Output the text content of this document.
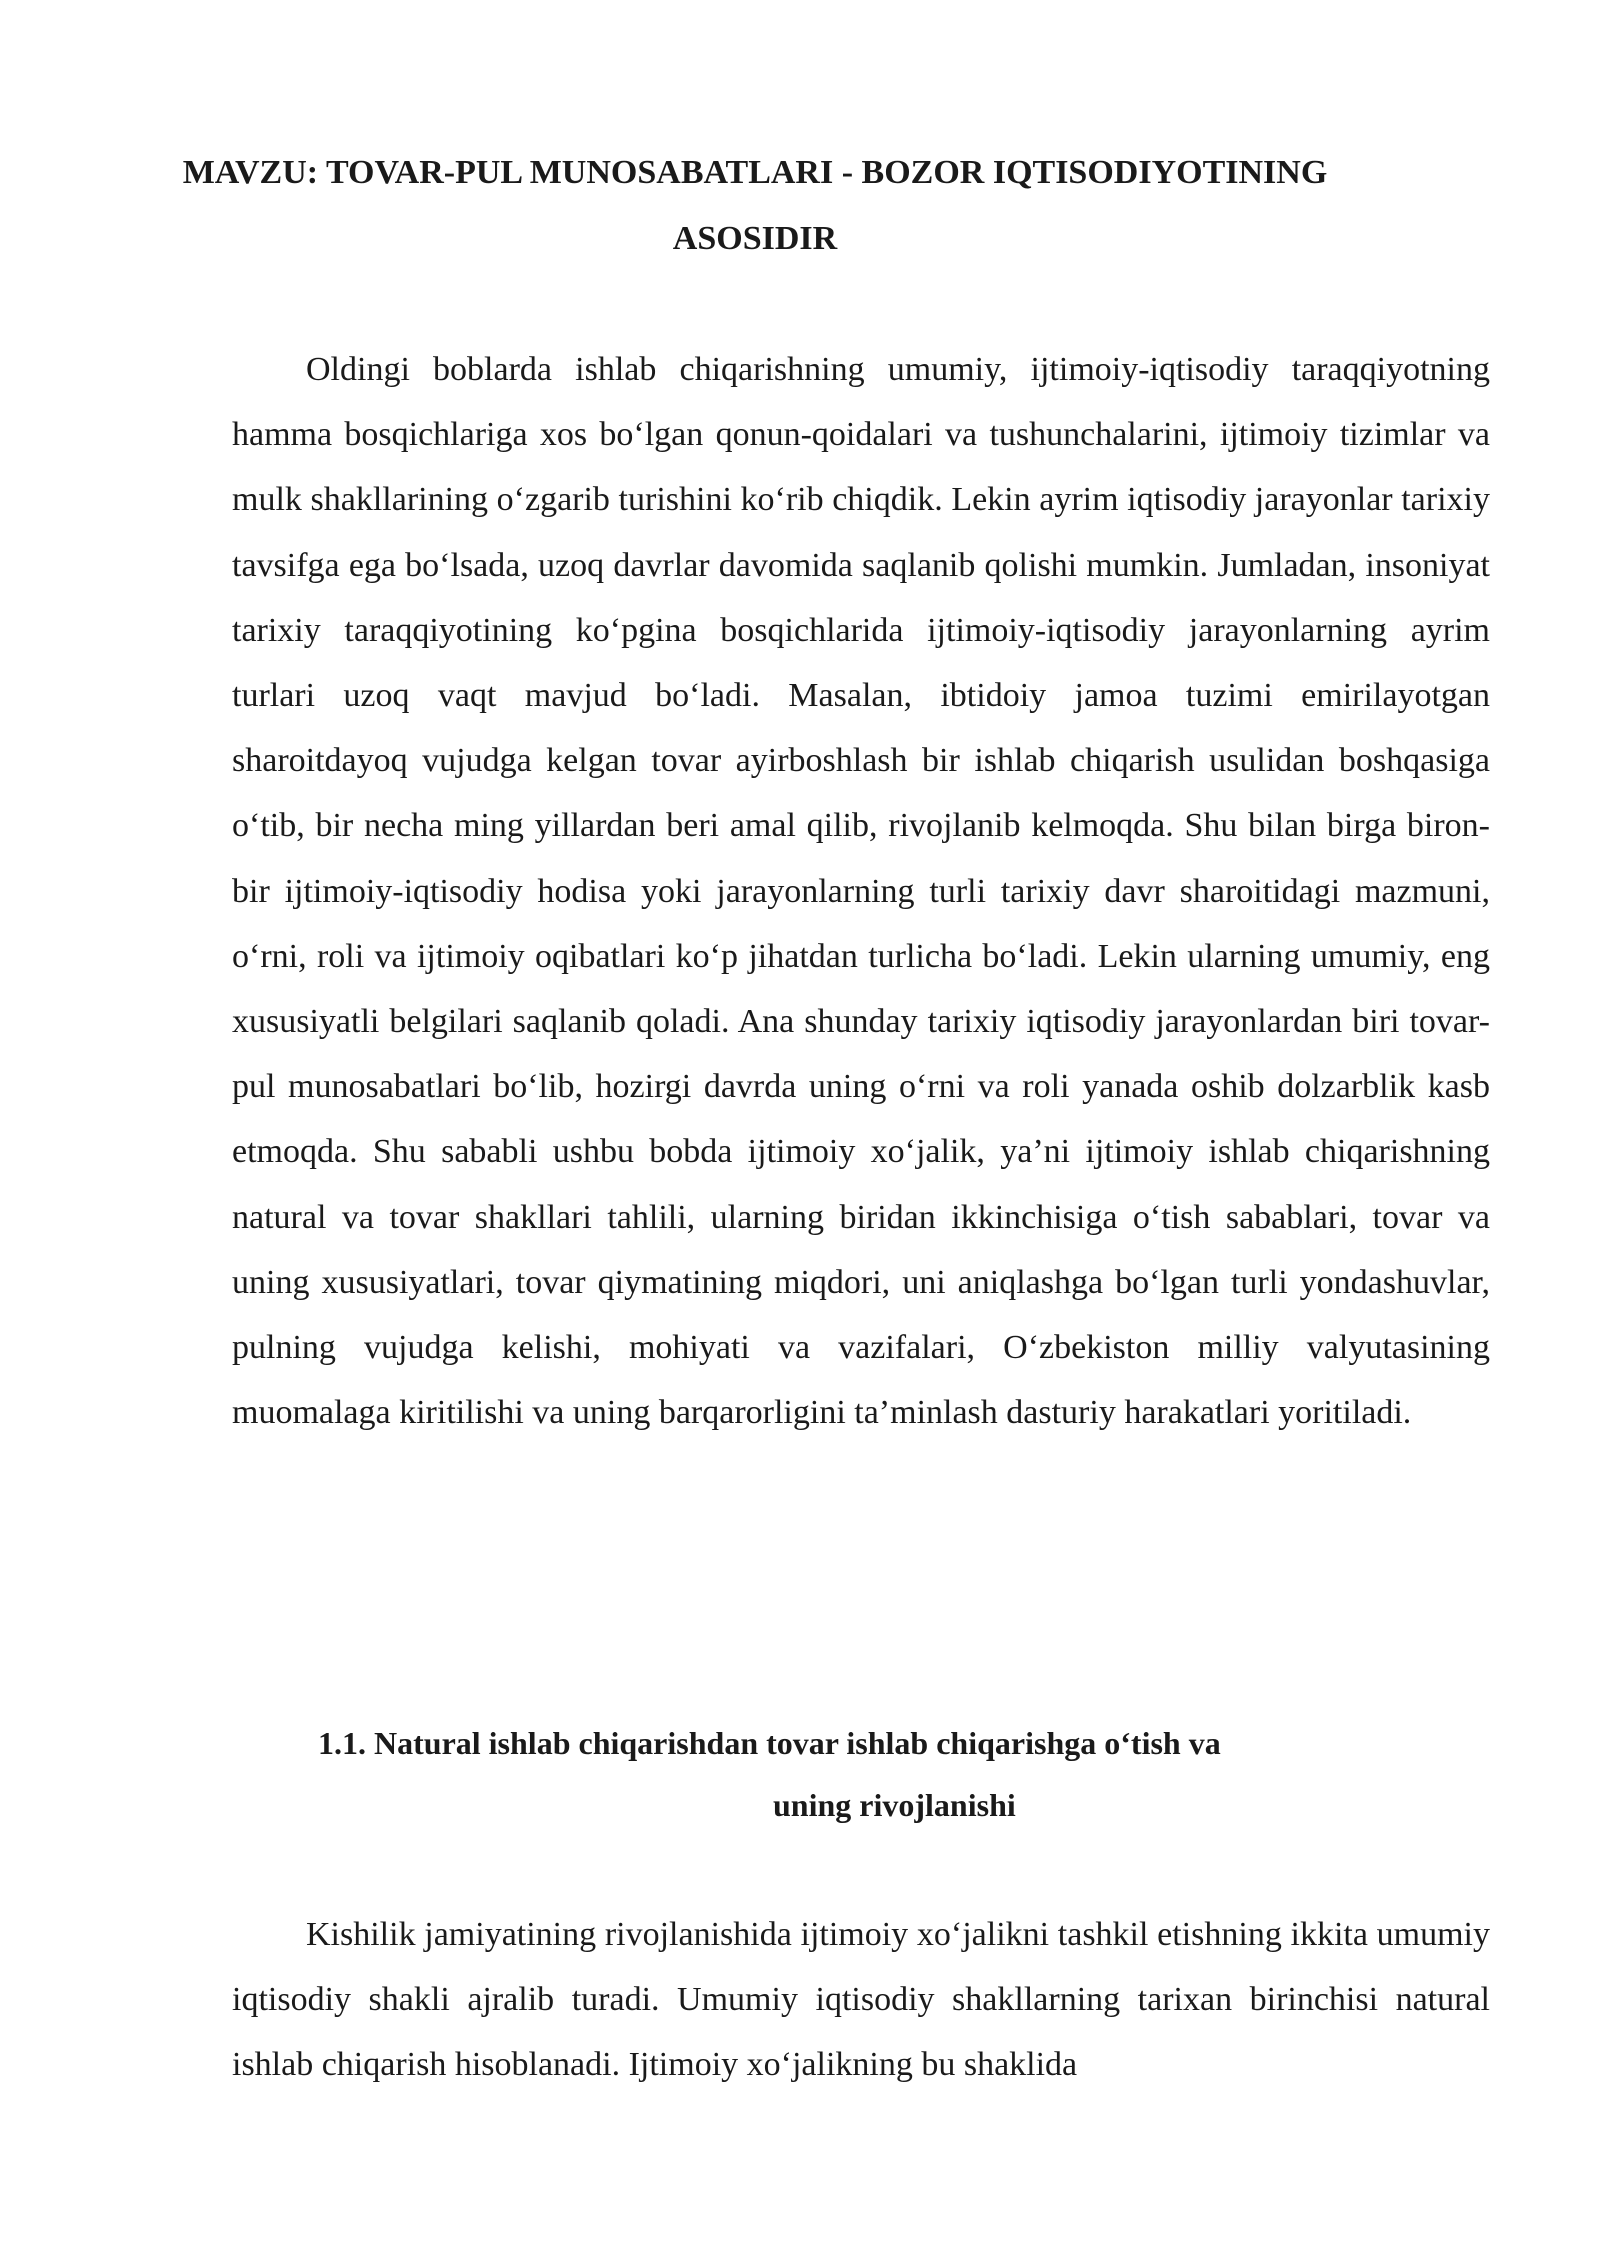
MAVZU: TOVAR-PUL MUNOSABATLARI - BOZOR IQTISODIYOTINING ASOSIDIR

Oldingi boblarda ishlab chiqarishning umumiy, ijtimoiy-iqtisodiy taraqqiyotning hamma bosqichlariga xos bo‘lgan qonun-qoidalari va tushunchalarini, ijtimoiy tizimlar va mulk shakllarining o‘zgarib turishini ko‘rib chiqdik. Lekin ayrim iqtisodiy jarayonlar tarixiy tavsifga ega bo‘lsada, uzoq davrlar davomida saqlanib qolishi mumkin. Jumladan, insoniyat tarixiy taraqqiyotining ko‘pgina bosqichlarida ijtimoiy-iqtisodiy jarayonlarning ayrim turlari uzoq vaqt mavjud bo‘ladi. Masalan, ibtidoiy jamoa tuzimi emirilayotgan sharoitdayoq vujudga kelgan tovar ayirboshlash bir ishlab chiqarish usulidan boshqasiga o‘tib, bir necha ming yillardan beri amal qilib, rivojlanib kelmoqda. Shu bilan birga biron-bir ijtimoiy-iqtisodiy hodisa yoki jarayonlarning turli tarixiy davr sharoitidagi mazmuni, o‘rni, roli va ijtimoiy oqibatlari ko‘p jihatdan turlicha bo‘ladi. Lekin ularning umumiy, eng xususiyatli belgilari saqlanib qoladi. Ana shunday tarixiy iqtisodiy jarayonlardan biri tovar-pul munosabatlari bo‘lib, hozirgi davrda uning o‘rni va roli yanada oshib dolzarblik kasb etmoqda. Shu sababli ushbu bobda ijtimoiy xo‘jalik, ya’ni ijtimoiy ishlab chiqarishning natural va tovar shakllari tahlili, ularning biridan ikkinchisiga o‘tish sabablari, tovar va uning xususiyatlari, tovar qiymatining miqdori, uni aniqlashga bo‘lgan turli yondashuvlar, pulning vujudga kelishi, mohiyati va vazifalari, O‘zbekiston milliy valyutasining muomalaga kiritilishi va uning barqarorligini ta’minlash dasturiy harakatlari yoritiladi.

1.1. Natural ishlab chiqarishdan tovar ishlab chiqarishga o‘tish va
uning rivojlanishi

Kishilik jamiyatining rivojlanishida ijtimoiy xo‘jalikni tashkil etishning ikkita umumiy iqtisodiy shakli ajralib turadi. Umumiy iqtisodiy shakllarning tarixan birinchisi natural ishlab chiqarish hisoblanadi. Ijtimoiy xo‘jalikning bu shaklida
